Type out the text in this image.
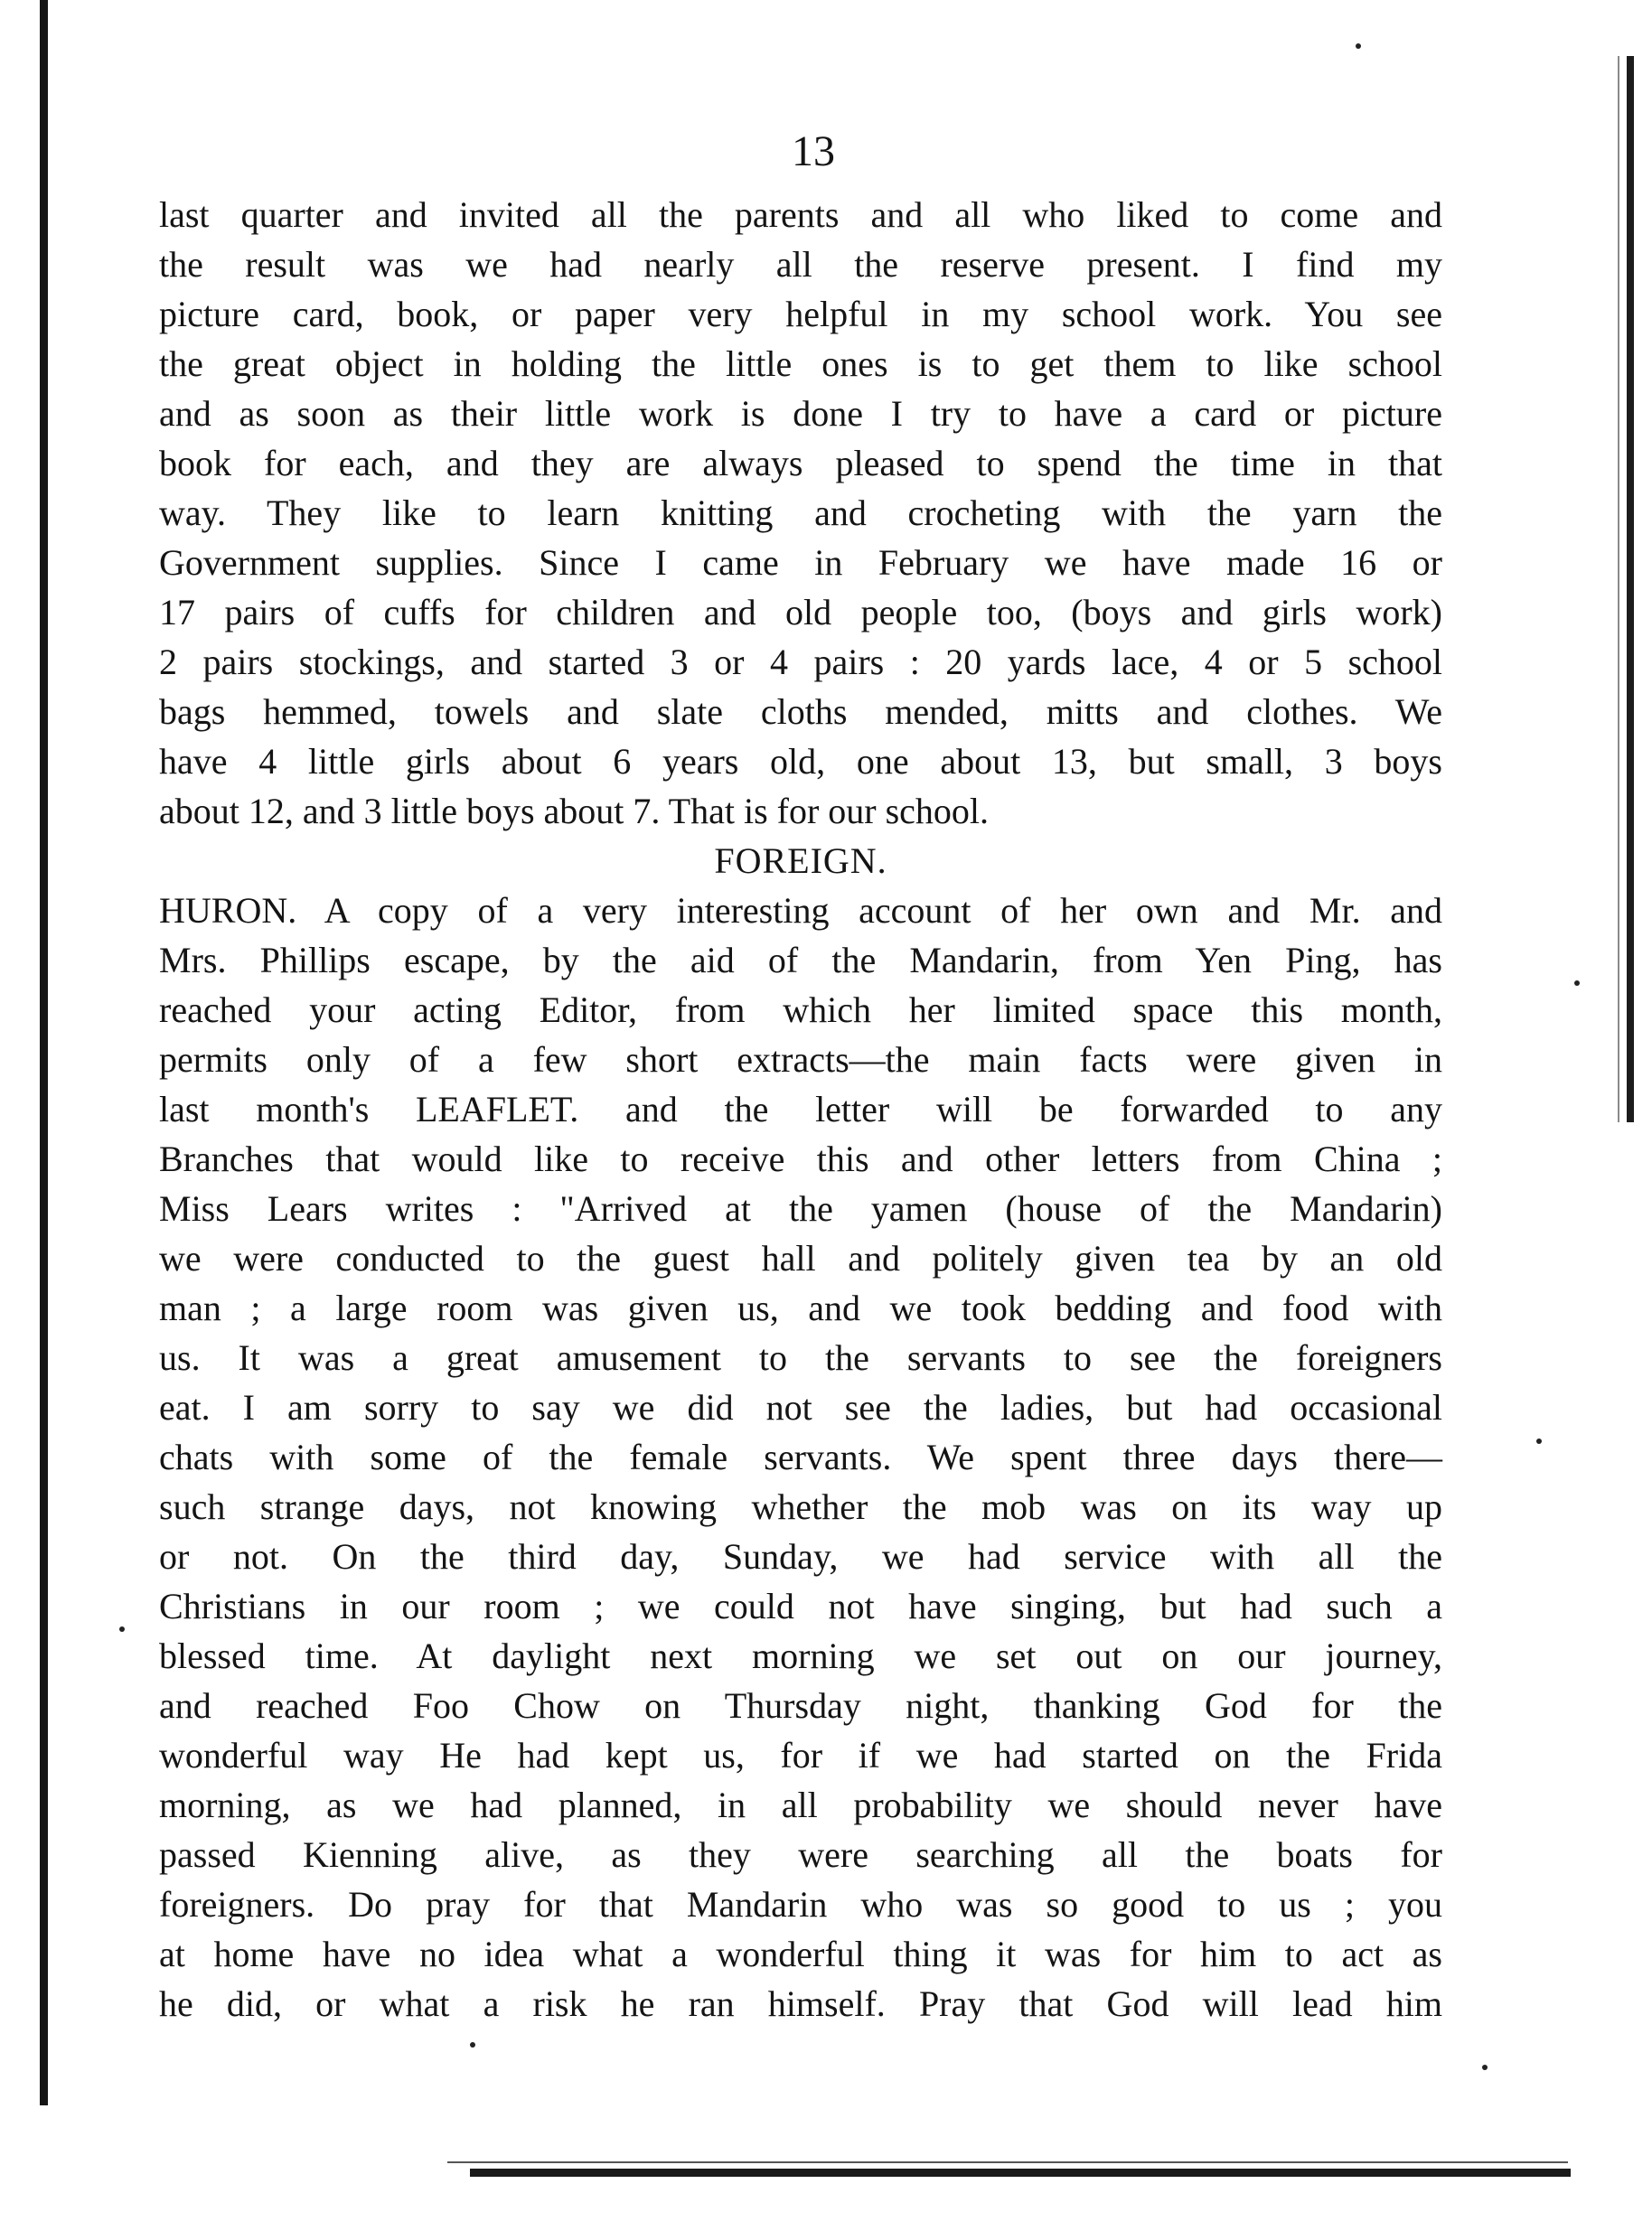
13
last quarter and invited all the parents and all who liked to come and
the result was we had nearly all the reserve present. I find my
picture card, book, or paper very helpful in my school work. You see
the great object in holding the little ones is to get them to like school
and as soon as their little work is done I try to have a card or picture
book for each, and they are always pleased to spend the time in that
way. They like to learn knitting and crocheting with the yarn the
Government supplies. Since I came in February we have made 16 or
17 pairs of cuffs for children and old people too, (boys and girls work)
2 pairs stockings, and started 3 or 4 pairs : 20 yards lace, 4 or 5 school
bags hemmed, towels and slate cloths mended, mitts and clothes. We
have 4 little girls about 6 years old, one about 13, but small, 3 boys
about 12, and 3 little boys about 7. That is for our school.
FOREIGN.
HURON. A copy of a very interesting account of her own and Mr. and
Mrs. Phillips escape, by the aid of the Mandarin, from Yen Ping, has
reached your acting Editor, from which her limited space this month,
permits only of a few short extracts—the main facts were given in
last month's LEAFLET. and the letter will be forwarded to any
Branches that would like to receive this and other letters from China ;
Miss Lears writes : "Arrived at the yamen (house of the Mandarin)
we were conducted to the guest hall and politely given tea by an old
man ; a large room was given us, and we took bedding and food with
us. It was a great amusement to the servants to see the foreigners
eat. I am sorry to say we did not see the ladies, but had occasional
chats with some of the female servants. We spent three days there—
such strange days, not knowing whether the mob was on its way up
or not. On the third day, Sunday, we had service with all the
Christians in our room ; we could not have singing, but had such a
blessed time. At daylight next morning we set out on our journey,
and reached Foo Chow on Thursday night, thanking God for the
wonderful way He had kept us, for if we had started on the Frida
morning, as we had planned, in all probability we should never have
passed Kienning alive, as they were searching all the boats for
foreigners. Do pray for that Mandarin who was so good to us ; you
at home have no idea what a wonderful thing it was for him to act as
he did, or what a risk he ran himself. Pray that God will lead him
